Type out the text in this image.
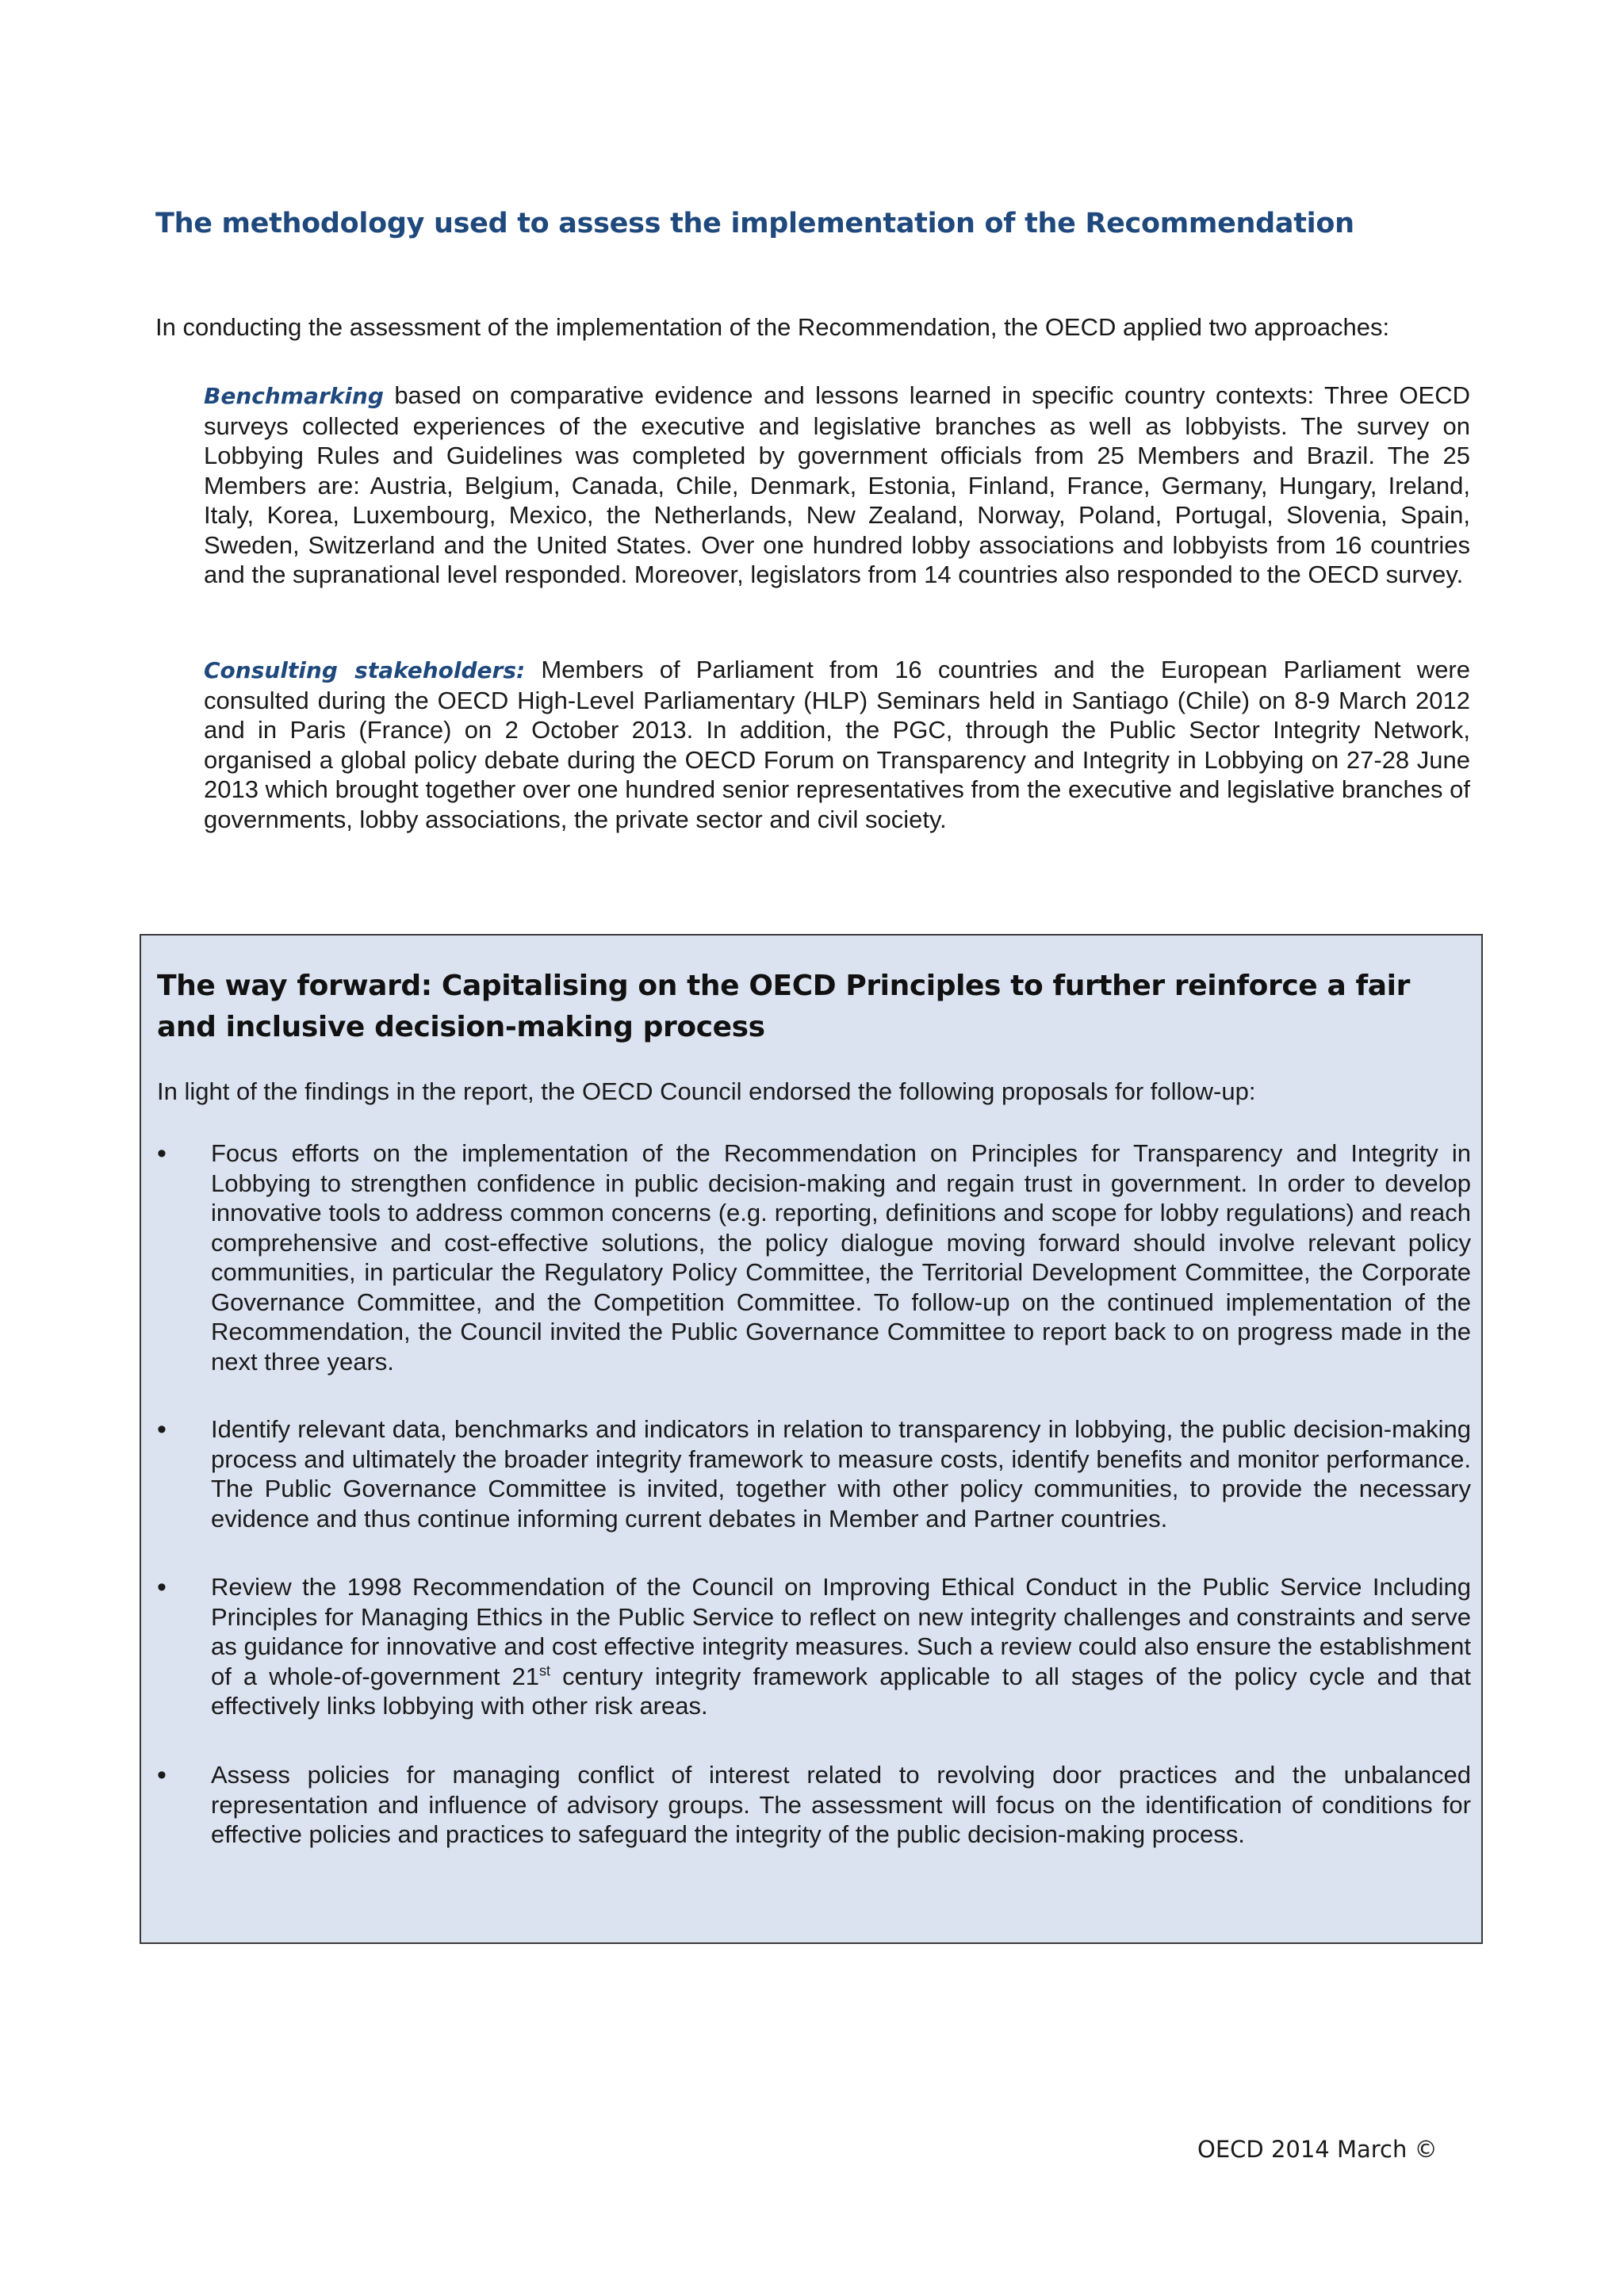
The methodology used to assess the implementation of the Recommendation

In conducting the assessment of the implementation of the Recommendation, the OECD applied two approaches:

Benchmarking based on comparative evidence and lessons learned in specific country contexts: Three OECD surveys collected experiences of the executive and legislative branches as well as lobbyists. The survey on Lobbying Rules and Guidelines was completed by government officials from 25 Members and Brazil. The 25 Members are: Austria, Belgium, Canada, Chile, Denmark, Estonia, Finland, France, Germany, Hungary, Ireland, Italy, Korea, Luxembourg, Mexico, the Netherlands, New Zealand, Norway, Poland, Portugal, Slovenia, Spain, Sweden, Switzerland and the United States. Over one hundred lobby associations and lobbyists from 16 countries and the supranational level responded. Moreover, legislators from 14 countries also responded to the OECD survey.

Consulting stakeholders: Members of Parliament from 16 countries and the European Parliament were consulted during the OECD High-Level Parliamentary (HLP) Seminars held in Santiago (Chile) on 8-9 March 2012 and in Paris (France) on 2 October 2013. In addition, the PGC, through the Public Sector Integrity Network, organised a global policy debate during the OECD Forum on Transparency and Integrity in Lobbying on 27-28 June 2013 which brought together over one hundred senior representatives from the executive and legislative branches of governments, lobby associations, the private sector and civil society.

The way forward: Capitalising on the OECD Principles to further reinforce a fair and inclusive decision-making process

In light of the findings in the report, the OECD Council endorsed the following proposals for follow-up:

• Focus efforts on the implementation of the Recommendation on Principles for Transparency and Integrity in Lobbying to strengthen confidence in public decision-making and regain trust in government. In order to develop innovative tools to address common concerns (e.g. reporting, definitions and scope for lobby regulations) and reach comprehensive and cost-effective solutions, the policy dialogue moving forward should involve relevant policy communities, in particular the Regulatory Policy Committee, the Territorial Development Committee, the Corporate Governance Committee, and the Competition Committee. To follow-up on the continued implementation of the Recommendation, the Council invited the Public Governance Committee to report back to on progress made in the next three years.

• Identify relevant data, benchmarks and indicators in relation to transparency in lobbying, the public decision-making process and ultimately the broader integrity framework to measure costs, identify benefits and monitor performance. The Public Governance Committee is invited, together with other policy communities, to provide the necessary evidence and thus continue informing current debates in Member and Partner countries.

• Review the 1998 Recommendation of the Council on Improving Ethical Conduct in the Public Service Including Principles for Managing Ethics in the Public Service to reflect on new integrity challenges and constraints and serve as guidance for innovative and cost effective integrity measures. Such a review could also ensure the establishment of a whole-of-government 21st century integrity framework applicable to all stages of the policy cycle and that effectively links lobbying with other risk areas.

• Assess policies for managing conflict of interest related to revolving door practices and the unbalanced representation and influence of advisory groups. The assessment will focus on the identification of conditions for effective policies and practices to safeguard the integrity of the public decision-making process.

OECD 2014 March ©
